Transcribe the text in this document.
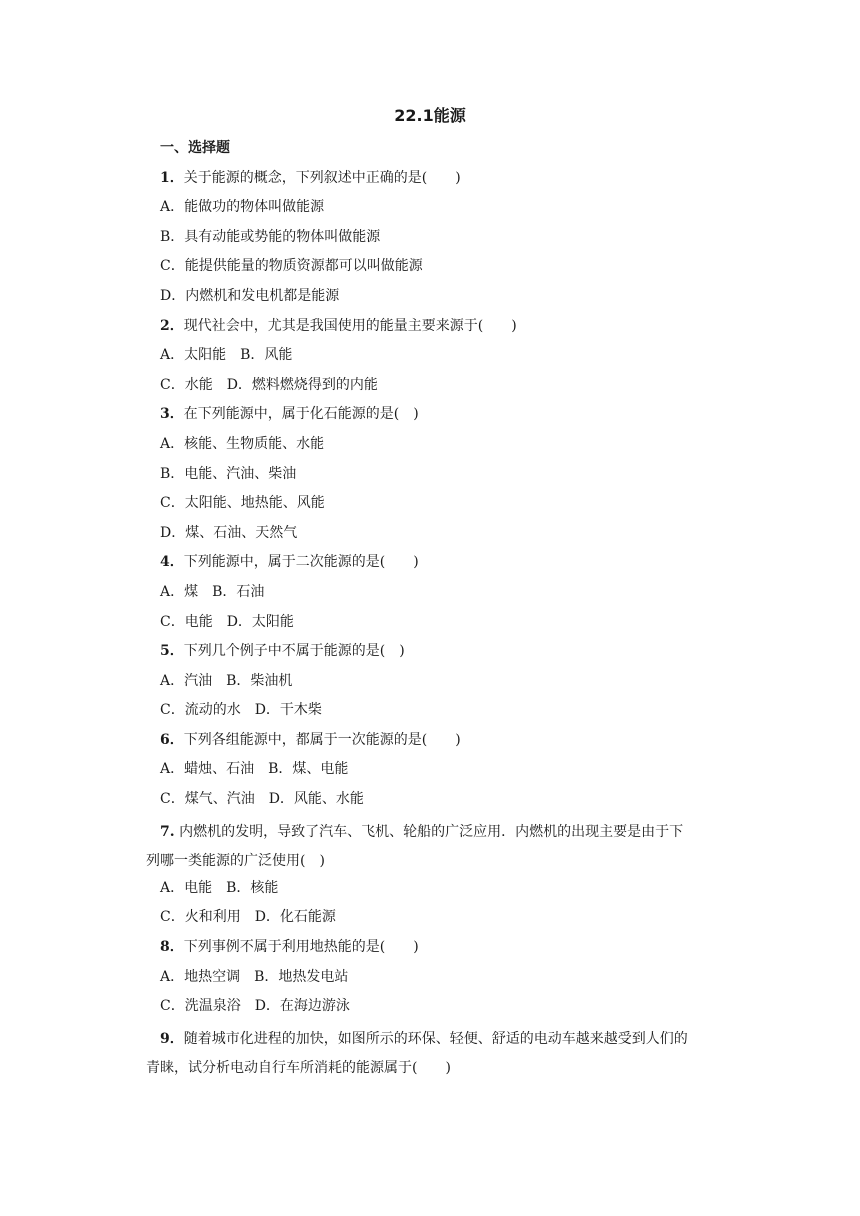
22.1能源
一、选择题
1．关于能源的概念，下列叙述中正确的是(　　)
A．能做功的物体叫做能源
B．具有动能或势能的物体叫做能源
C．能提供能量的物质资源都可以叫做能源
D．内燃机和发电机都是能源
2．现代社会中，尤其是我国使用的能量主要来源于(　　)
A．太阳能　B．风能
C．水能　D．燃料燃烧得到的内能
3．在下列能源中，属于化石能源的是(　)
A．核能、生物质能、水能
B．电能、汽油、柴油
C．太阳能、地热能、风能
D．煤、石油、天然气
4．下列能源中，属于二次能源的是(　　)
A．煤　B．石油
C．电能　D．太阳能
5．下列几个例子中不属于能源的是(　)
A．汽油　B．柴油机
C．流动的水　D．干木柴
6．下列各组能源中，都属于一次能源的是(　　)
A．蜡烛、石油　B．煤、电能
C．煤气、汽油　D．风能、水能
7. 内燃机的发明，导致了汽车、飞机、轮船的广泛应用．内燃机的出现主要是由于下
列哪一类能源的广泛使用(　)
A．电能　B．核能
C．火和利用　D．化石能源
8．下列事例不属于利用地热能的是(　　)
A．地热空调　B．地热发电站
C．洗温泉浴　D．在海边游泳
9．随着城市化进程的加快，如图所示的环保、轻便、舒适的电动车越来越受到人们的
青睐，试分析电动自行车所消耗的能源属于(　　)
